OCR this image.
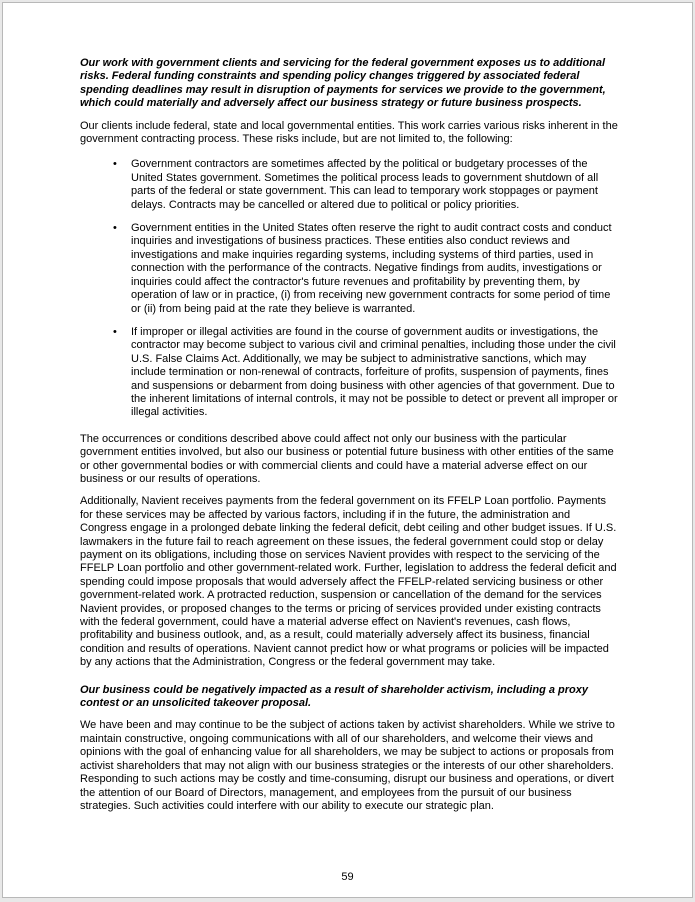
Our work with government clients and servicing for the federal government exposes us to additional risks. Federal funding constraints and spending policy changes triggered by associated federal spending deadlines may result in disruption of payments for services we provide to the government, which could materially and adversely affect our business strategy or future business prospects.

Our clients include federal, state and local governmental entities. This work carries various risks inherent in the government contracting process. These risks include, but are not limited to, the following:

•	Government contractors are sometimes affected by the political or budgetary processes of the United States government. Sometimes the political process leads to government shutdown of all parts of the federal or state government. This can lead to temporary work stoppages or payment delays. Contracts may be cancelled or altered due to political or policy priorities.
•	Government entities in the United States often reserve the right to audit contract costs and conduct inquiries and investigations of business practices. These entities also conduct reviews and investigations and make inquiries regarding systems, including systems of third parties, used in connection with the performance of the contracts. Negative findings from audits, investigations or inquiries could affect the contractor's future revenues and profitability by preventing them, by operation of law or in practice, (i) from receiving new government contracts for some period of time or (ii) from being paid at the rate they believe is warranted.
•	If improper or illegal activities are found in the course of government audits or investigations, the contractor may become subject to various civil and criminal penalties, including those under the civil U.S. False Claims Act. Additionally, we may be subject to administrative sanctions, which may include termination or non-renewal of contracts, forfeiture of profits, suspension of payments, fines and suspensions or debarment from doing business with other agencies of that government. Due to the inherent limitations of internal controls, it may not be possible to detect or prevent all improper or illegal activities.

The occurrences or conditions described above could affect not only our business with the particular government entities involved, but also our business or potential future business with other entities of the same or other governmental bodies or with commercial clients and could have a material adverse effect on our business or our results of operations.

Additionally, Navient receives payments from the federal government on its FFELP Loan portfolio. Payments for these services may be affected by various factors, including if in the future, the administration and Congress engage in a prolonged debate linking the federal deficit, debt ceiling and other budget issues. If U.S. lawmakers in the future fail to reach agreement on these issues, the federal government could stop or delay payment on its obligations, including those on services Navient provides with respect to the servicing of the FFELP Loan portfolio and other government-related work. Further, legislation to address the federal deficit and spending could impose proposals that would adversely affect the FFELP-related servicing business or other government-related work. A protracted reduction, suspension or cancellation of the demand for the services Navient provides, or proposed changes to the terms or pricing of services provided under existing contracts with the federal government, could have a material adverse effect on Navient's revenues, cash flows, profitability and business outlook, and, as a result, could materially adversely affect its business, financial condition and results of operations. Navient cannot predict how or what programs or policies will be impacted by any actions that the Administration, Congress or the federal government may take.

Our business could be negatively impacted as a result of shareholder activism, including a proxy contest or an unsolicited takeover proposal.

We have been and may continue to be the subject of actions taken by activist shareholders. While we strive to maintain constructive, ongoing communications with all of our shareholders, and welcome their views and opinions with the goal of enhancing value for all shareholders, we may be subject to actions or proposals from activist shareholders that may not align with our business strategies or the interests of our other shareholders. Responding to such actions may be costly and time-consuming, disrupt our business and operations, or divert the attention of our Board of Directors, management, and employees from the pursuit of our business strategies. Such activities could interfere with our ability to execute our strategic plan.

59
